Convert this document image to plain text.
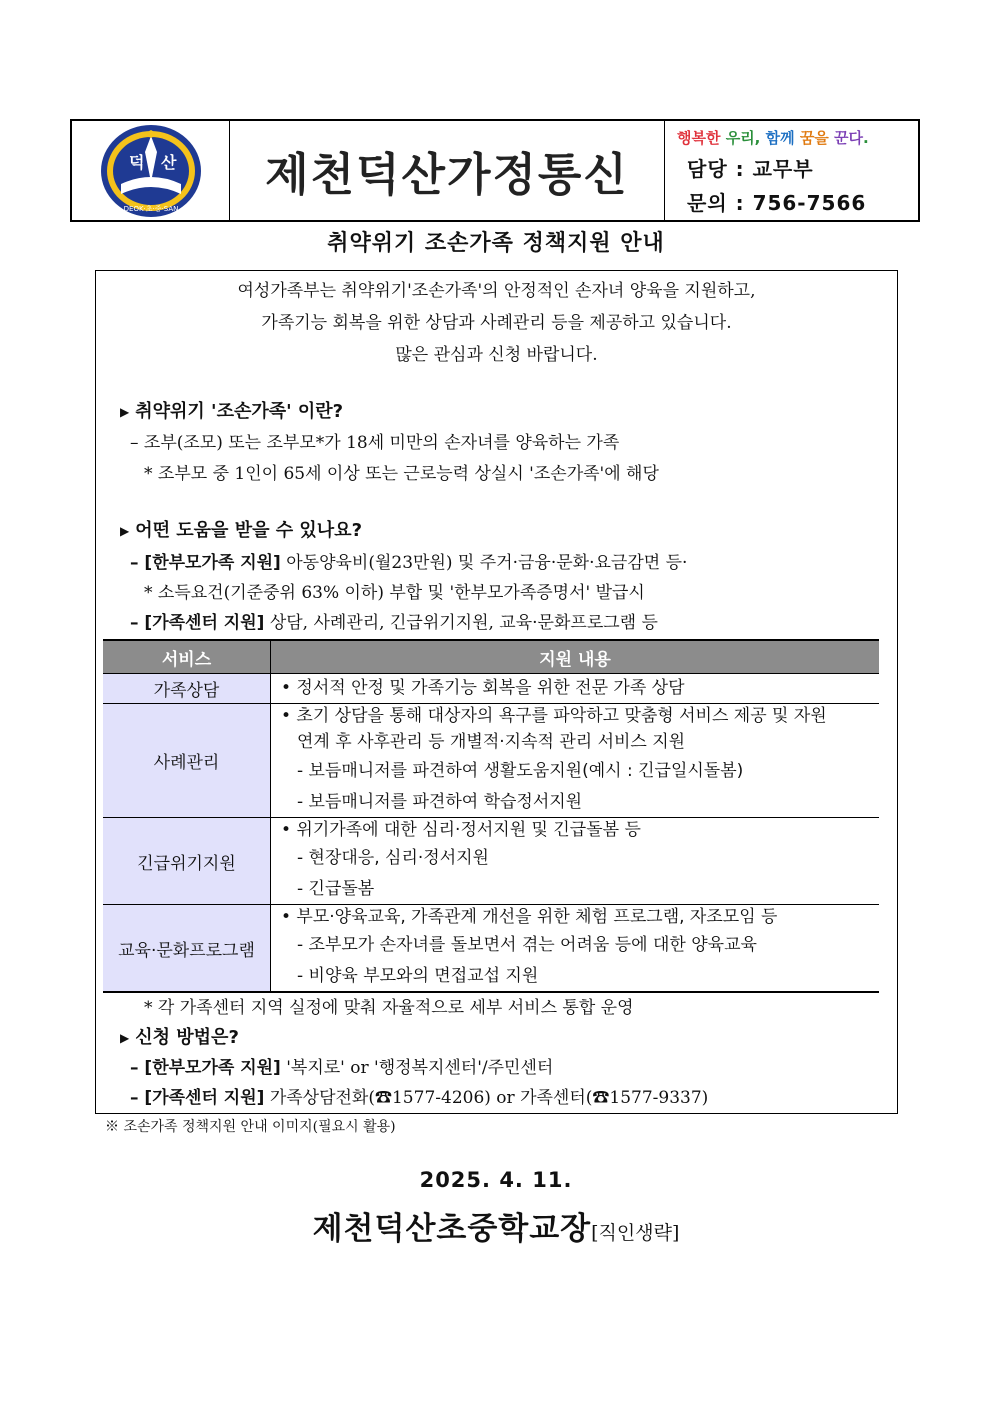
덕 산
DEOK·초·중·SAN
제천덕산가정통신
행복한 우리, 함께 꿈을 꾼다.
담당 : 교무부
문의 : 756-7566
취약위기 조손가족 정책지원 안내
여성가족부는 취약위기'조손가족'의 안정적인 손자녀 양육을 지원하고,
가족기능 회복을 위한 상담과 사례관리 등을 제공하고 있습니다.
많은 관심과 신청 바랍니다.
▶ 취약위기 '조손가족' 이란?
– 조부(조모) 또는 조부모*가 18세 미만의 손자녀를 양육하는 가족
* 조부모 중 1인이 65세 이상 또는 근로능력 상실시 '조손가족'에 해당
▶ 어떤 도움을 받을 수 있나요?
– [한부모가족 지원] 아동양육비(월23만원) 및 주거·금융·문화·요금감면 등·
* 소득요건(기준중위 63% 이하) 부합 및 '한부모가족증명서' 발급시
– [가족센터 지원] 상담, 사례관리, 긴급위기지원, 교육·문화프로그램 등
서비스	지원 내용
가족상담	• 정서적 안정 및 가족기능 회복을 위한 전문 가족 상담

사례관리	• 초기 상담을 통해 대상자의 욕구를 파악하고 맞춤형 서비스 제공 및 자원
연계 후 사후관리 등 개별적·지속적 관리 서비스 지원
- 보듬매니저를 파견하여 생활도움지원(예시 : 긴급일시돌봄)
- 보듬매니저를 파견하여 학습정서지원

긴급위기지원	• 위기가족에 대한 심리·정서지원 및 긴급돌봄 등
- 현장대응, 심리·정서지원
- 긴급돌봄

교육·문화프로그램	• 부모·양육교육, 가족관계 개선을 위한 체험 프로그램, 자조모임 등
- 조부모가 손자녀를 돌보면서 겪는 어려움 등에 대한 양육교육
- 비양육 부모와의 면접교섭 지원
* 각 가족센터 지역 실정에 맞춰 자율적으로 세부 서비스 통합 운영
▶ 신청 방법은?
– [한부모가족 지원] '복지로' or '행정복지센터'/주민센터
– [가족센터 지원] 가족상담전화(☎1577-4206) or 가족센터(☎1577-9337)
※ 조손가족 정책지원 안내 이미지(필요시 활용)
2025. 4. 11.
제천덕산초중학교장[직인생략]
